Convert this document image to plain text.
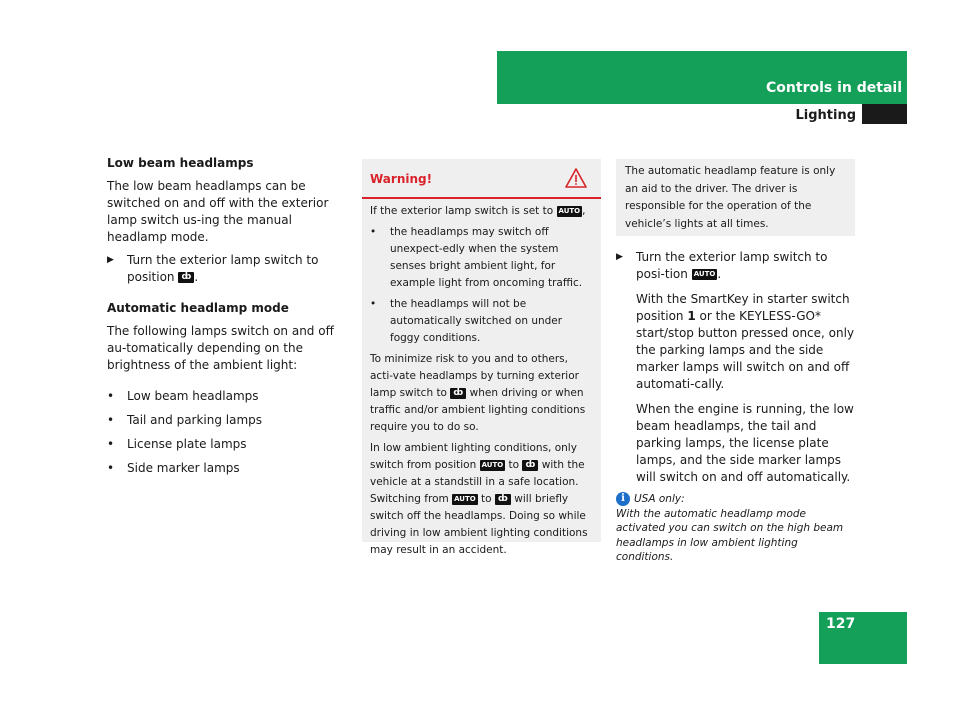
Controls in detail
Lighting
Low beam headlamps

The low beam headlamps can be switched on and off with the exterior lamp switch us-ing the manual headlamp mode.

▶ Turn the exterior lamp switch to position ȸ .
Automatic headlamp mode

The following lamps switch on and off au-tomatically depending on the brightness of the ambient light:

• Low beam headlamps
• Tail and parking lamps
• License plate lamps
• Side marker lamps
Warning!

If the exterior lamp switch is set to AUTO ,

• the headlamps may switch off unexpect-edly when the system senses bright ambient light, for example light from oncoming traffic.
• the headlamps will not be automatically switched on under foggy conditions.

To minimize risk to you and to others, acti-vate headlamps by turning exterior lamp switch to ȸ when driving or when traffic and/or ambient lighting conditions require you to do so.

In low ambient lighting conditions, only switch from position AUTO to ȸ with the vehicle at a standstill in a safe location. Switching from AUTO to ȸ will briefly switch off the headlamps. Doing so while driving in low ambient lighting conditions may result in an accident.

The automatic headlamp feature is only an aid to the driver. The driver is responsible for the operation of the vehicle’s lights at all times.
▶ Turn the exterior lamp switch to posi-tion AUTO .

With the SmartKey in starter switch position 1 or the KEYLESS-GO* start/stop button pressed once, only the parking lamps and the side marker lamps will switch on and off automati-cally.

When the engine is running, the low beam headlamps, the tail and parking lamps, the license plate lamps, and the side marker lamps will switch on and off automatically.

i USA only:
With the automatic headlamp mode activated you can switch on the high beam headlamps in low ambient lighting conditions.
127
